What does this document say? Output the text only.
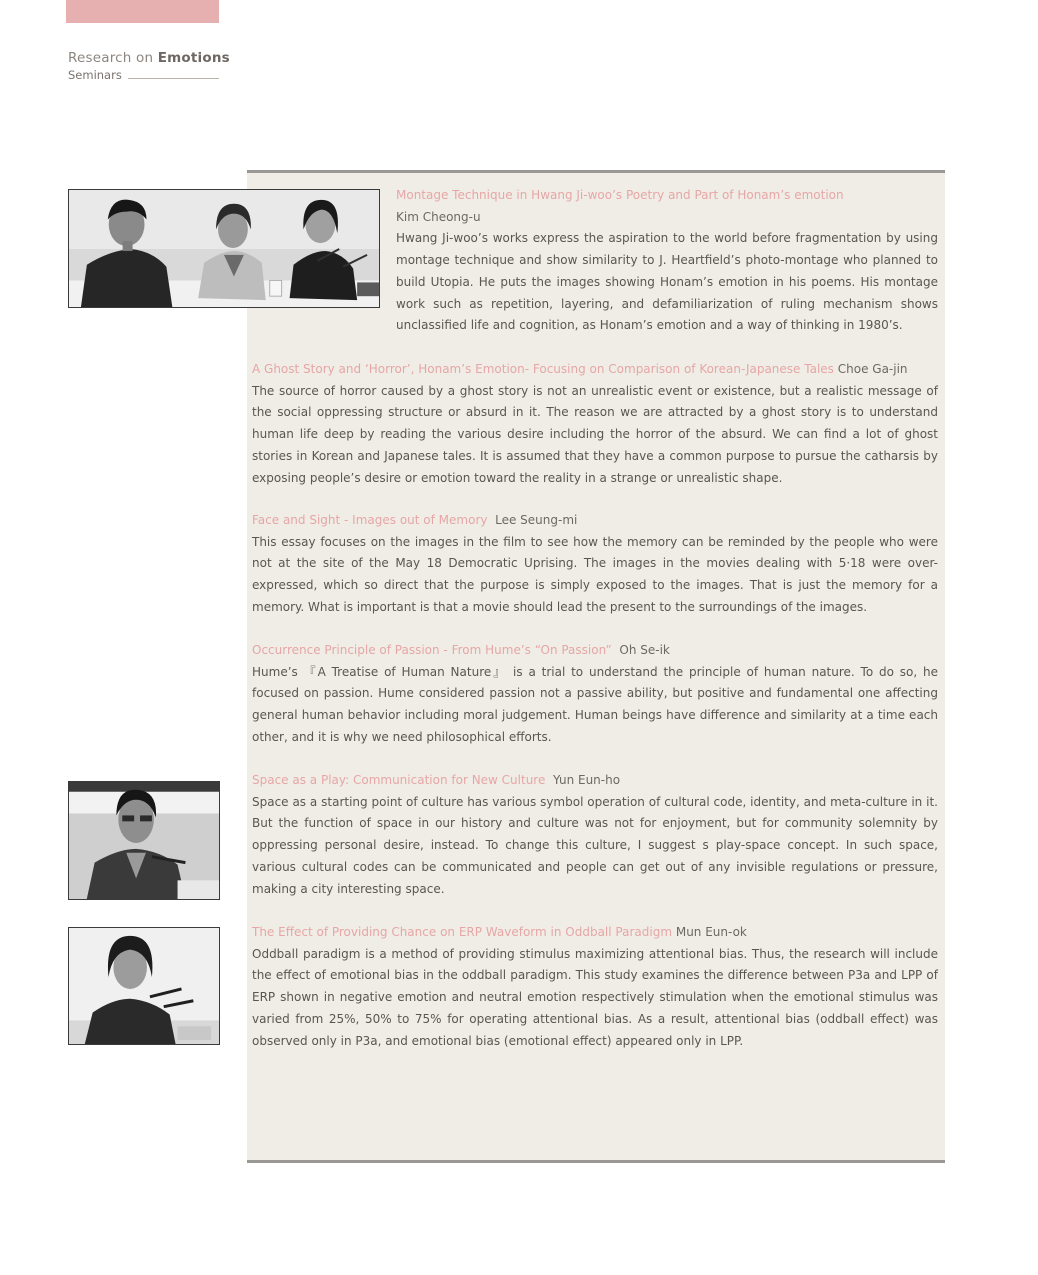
Research on Emotions
Seminars
Montage Technique in Hwang Ji-woo’s Poetry and Part of Honam’s emotion
Kim Cheong-u
Hwang Ji-woo’s works express the aspiration to the world before fragmentation by using montage technique and show similarity to J. Heartfield’s photo-montage who planned to build Utopia. He puts the images showing Honam’s emotion in his poems. His montage work such as repetition, layering, and defamiliarization of ruling mechanism shows unclassified life and cognition, as Honam’s emotion and a way of thinking in 1980’s.
A Ghost Story and ‘Horror’, Honam’s Emotion- Focusing on Comparison of Korean-Japanese Tales Choe Ga-jin
The source of horror caused by a ghost story is not an unrealistic event or existence, but a realistic message of the social oppressing structure or absurd in it. The reason we are attracted by a ghost story is to understand human life deep by reading the various desire including the horror of the absurd. We can find a lot of ghost stories in Korean and Japanese tales. It is assumed that they have a common purpose to pursue the catharsis by exposing people’s desire or emotion toward the reality in a strange or unrealistic shape.
Face and Sight - Images out of Memory Lee Seung-mi
This essay focuses on the images in the film to see how the memory can be reminded by the people who were not at the site of the May 18 Democratic Uprising. The images in the movies dealing with 5·18 were over-expressed, which so direct that the purpose is simply exposed to the images. That is just the memory for a memory. What is important is that a movie should lead the present to the surroundings of the images.
Occurrence Principle of Passion - From Hume’s “On Passion” Oh Se-ik
Hume’s 『A Treatise of Human Nature』 is a trial to understand the principle of human nature. To do so, he focused on passion. Hume considered passion not a passive ability, but positive and fundamental one affecting general human behavior including moral judgement. Human beings have difference and similarity at a time each other, and it is why we need philosophical efforts.
Space as a Play: Communication for New Culture Yun Eun-ho
Space as a starting point of culture has various symbol operation of cultural code, identity, and meta-culture in it. But the function of space in our history and culture was not for enjoyment, but for community solemnity by oppressing personal desire, instead. To change this culture, I suggest s play-space concept. In such space, various cultural codes can be communicated and people can get out of any invisible regulations or pressure, making a city interesting space.
The Effect of Providing Chance on ERP Waveform in Oddball Paradigm Mun Eun-ok
Oddball paradigm is a method of providing stimulus maximizing attentional bias. Thus, the research will include the effect of emotional bias in the oddball paradigm. This study examines the difference between P3a and LPP of ERP shown in negative emotion and neutral emotion respectively stimulation when the emotional stimulus was varied from 25%, 50% to 75% for operating attentional bias. As a result, attentional bias (oddball effect) was observed only in P3a, and emotional bias (emotional effect) appeared only in LPP.
